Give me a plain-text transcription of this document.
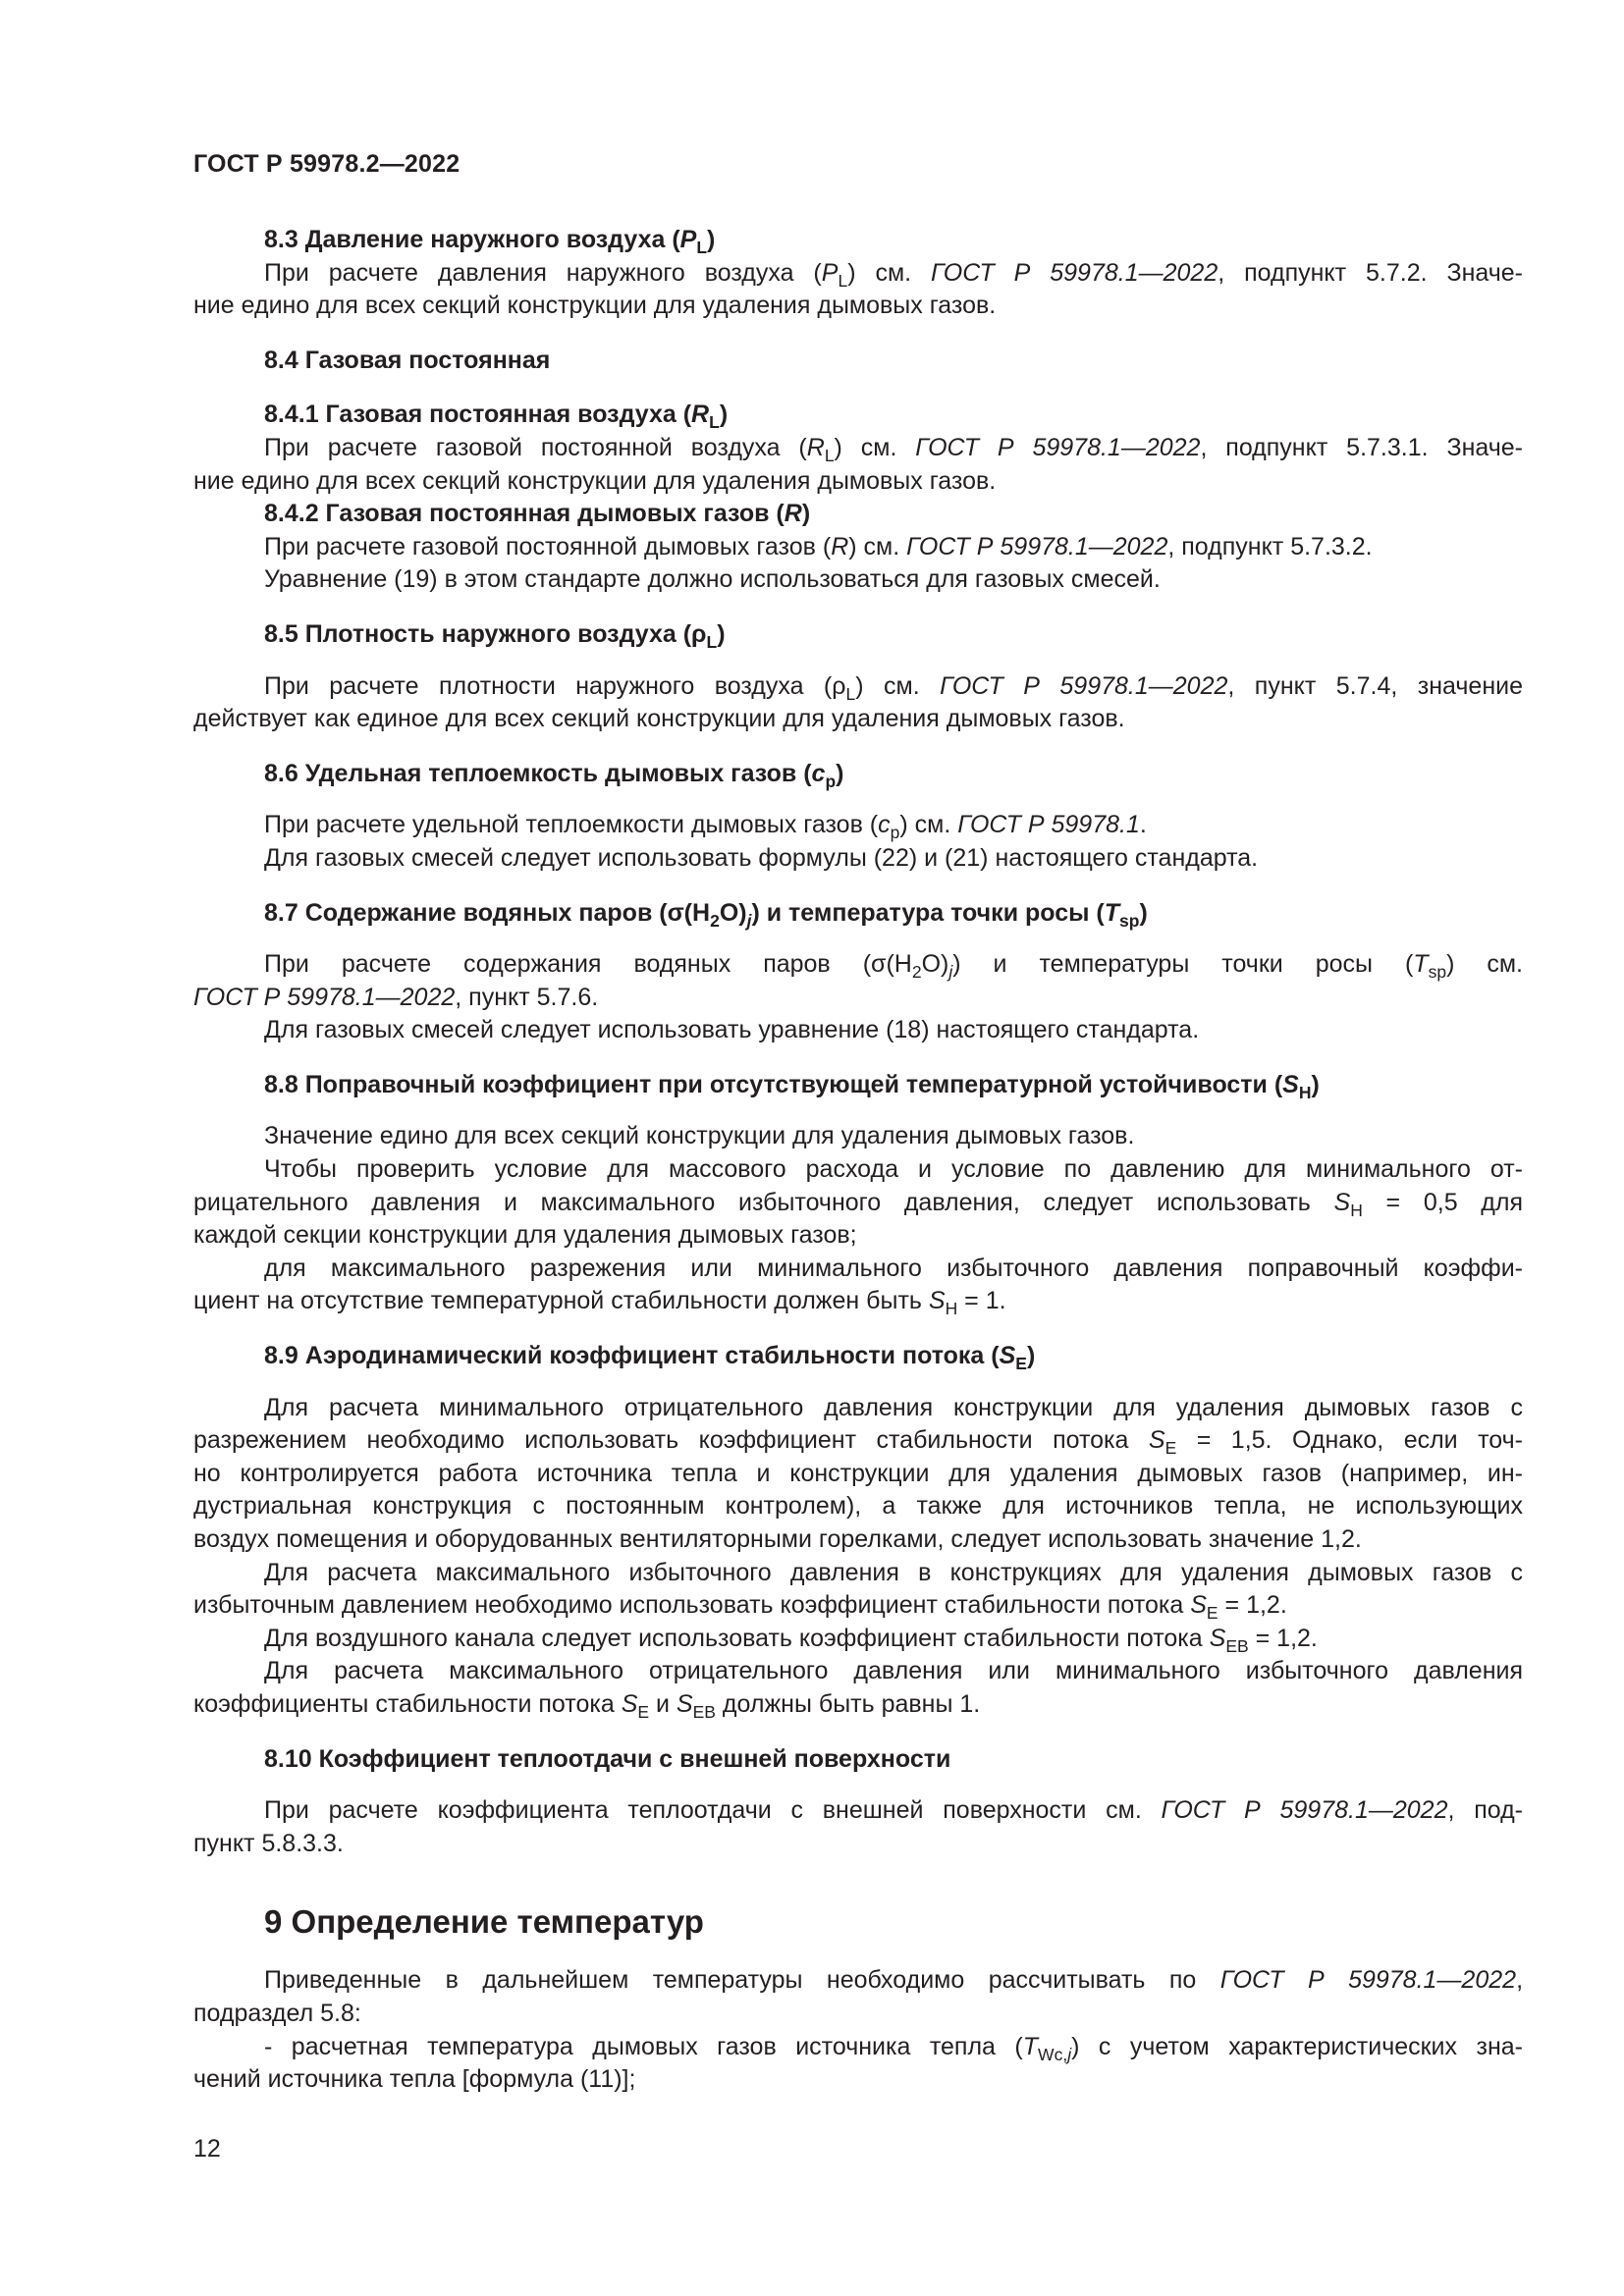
ГОСТ Р 59978.2—2022
8.3 Давление наружного воздуха $(P_L)$

При расчете давления наружного воздуха $(P_L)$ см. ГОСТ Р 59978.1—2022, подпункт 5.7.2. Значе-

ние едино для всех секций конструкции для удаления дымовых газов.

8.4 Газовая постоянная
8.4.1 Газовая постоянная воздуха $(R_L)$

При расчете газовой постоянной воздуха $(R_L)$ см. ГОСТ Р 59978.1—2022, подпункт 5.7.3.1. Значе-

ние едино для всех секций конструкции для удаления дымовых газов.

8.4.2 Газовая постоянная дымовых газов (R)

При расчете газовой постоянной дымовых газов (R) см. ГОСТ Р 59978.1—2022, подпункт 5.7.3.2.

Уравнение (19) в этом стандарте должно использоваться для газовых смесей.

8.5 Плотность наружного воздуха $(\rho_L)$

При расчете плотности наружного воздуха $(\rho_L)$ см. ГОСТ Р 59978.1—2022, пункт 5.7.4, значение

действует как единое для всех секций конструкции для удаления дымовых газов.

8.6 Удельная теплоемкость дымовых газов $(c_p)$

При расчете удельной теплоемкости дымовых газов $(c_p)$ см. ГОСТ Р 59978.1.

Для газовых смесей следует использовать формулы (22) и (21) настоящего стандарта.

8.7 Содержание водяных паров $(\sigma(H_2O)_j)$ и температура точки росы $(T_{sp})$

При расчете содержания водяных паров $(\sigma(H_2O)_j)$ и температуры точки росы $(T_{sp})$ см.

ГОСТ Р 59978.1—2022, пункт 5.7.6.

Для газовых смесей следует использовать уравнение (18) настоящего стандарта.

8.8 Поправочный коэффициент при отсутствующей температурной устойчивости $(S_H)$

Значение едино для всех секций конструкции для удаления дымовых газов.

Чтобы проверить условие для массового расхода и условие по давлению для минимального от-

рицательного давления и максимального избыточного давления, следует использовать $S_H = 0,5$ для

каждой секции конструкции для удаления дымовых газов;

для максимального разрежения или минимального избыточного давления поправочный коэффи-

циент на отсутствие температурной стабильности должен быть $S_H = 1$.

8.9 Аэродинамический коэффициент стабильности потока $(S_E)$

Для расчета минимального отрицательного давления конструкции для удаления дымовых газов с

разрежением необходимо использовать коэффициент стабильности потока $S_E = 1,5$. Однако, если точ-

но контролируется работа источника тепла и конструкции для удаления дымовых газов (например, ин-

дустриальная конструкция с постоянным контролем), а также для источников тепла, не использующих

воздух помещения и оборудованных вентиляторными горелками, следует использовать значение 1,2.

Для расчета максимального избыточного давления в конструкциях для удаления дымовых газов с

избыточным давлением необходимо использовать коэффициент стабильности потока $S_E = 1,2$.

Для воздушного канала следует использовать коэффициент стабильности потока $S_{EB} = 1,2$.

Для расчета максимального отрицательного давления или минимального избыточного давления

коэффициенты стабильности потока $S_E$ и $S_{EB}$ должны быть равны 1.

8.10 Коэффициент теплоотдачи с внешней поверхности

При расчете коэффициента теплоотдачи с внешней поверхности см. ГОСТ Р 59978.1—2022, под-

пункт 5.8.3.3.

9 Определение температур

Приведенные в дальнейшем температуры необходимо рассчитывать по ГОСТ Р 59978.1—2022,

подраздел 5.8:

- расчетная температура дымовых газов источника тепла $(T_{Wc,j})$ с учетом характеристических зна-

чений источника тепла [формула (11)];

12
